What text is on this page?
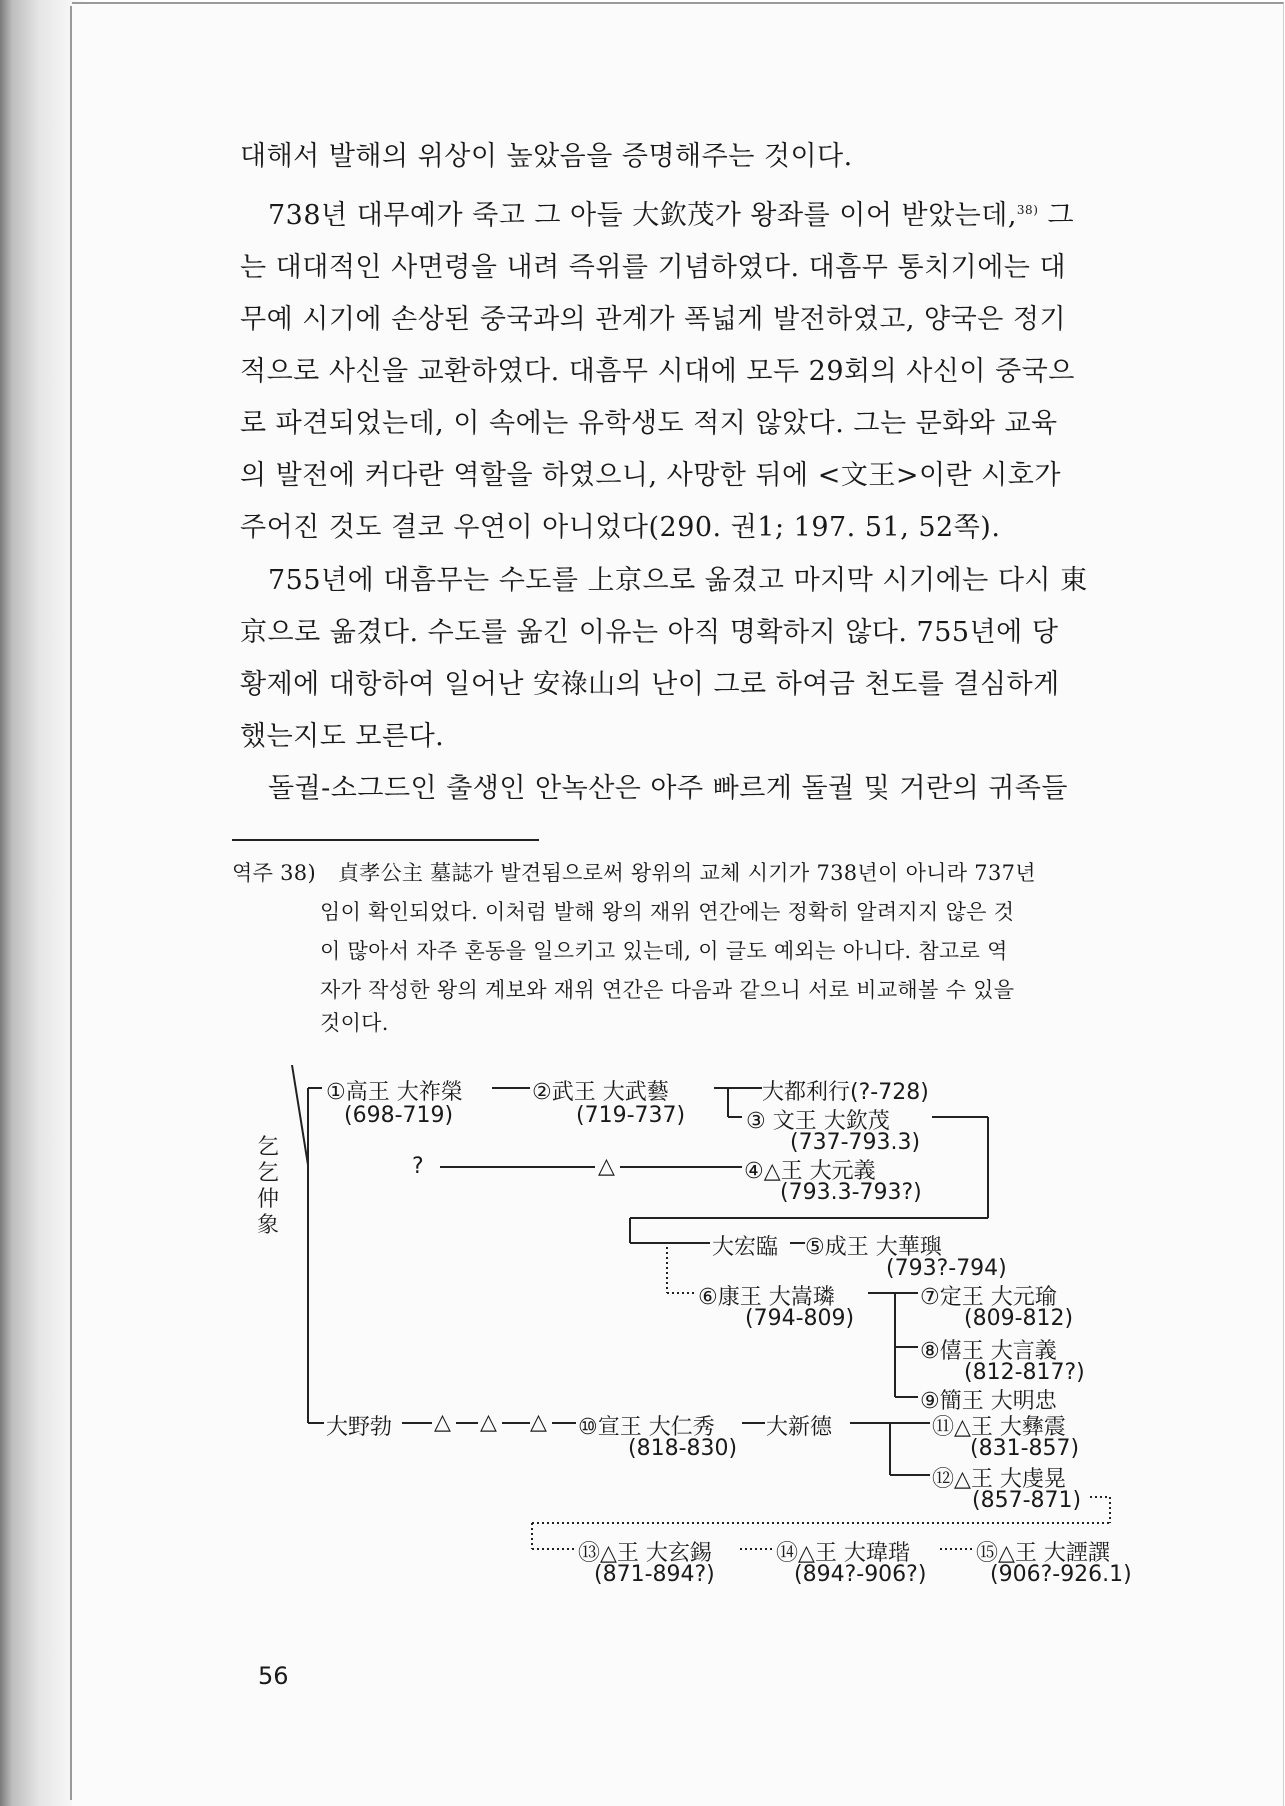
대해서 발해의 위상이 높았음을 증명해주는 것이다.
738년 대무예가 죽고 그 아들 大欽茂가 왕좌를 이어 받았는데,$^{38)}$ 그
는 대대적인 사면령을 내려 즉위를 기념하였다. 대흠무 통치기에는 대
무예 시기에 손상된 중국과의 관계가 폭넓게 발전하였고, 양국은 정기
적으로 사신을 교환하였다. 대흠무 시대에 모두 29회의 사신이 중국으
로 파견되었는데, 이 속에는 유학생도 적지 않았다. 그는 문화와 교육
의 발전에 커다란 역할을 하였으니, 사망한 뒤에 <文王>이란 시호가
주어진 것도 결코 우연이 아니었다(290. 권1; 197. 51, 52쪽).
755년에 대흠무는 수도를 上京으로 옮겼고 마지막 시기에는 다시 東
京으로 옮겼다. 수도를 옮긴 이유는 아직 명확하지 않다. 755년에 당
황제에 대항하여 일어난 安祿山의 난이 그로 하여금 천도를 결심하게
했는지도 모른다.
돌궐-소그드인 출생인 안녹산은 아주 빠르게 돌궐 및 거란의 귀족들
역주 38) 貞孝公主 墓誌가 발견됨으로써 왕위의 교체 시기가 738년이 아니라 737년
임이 확인되었다. 이처럼 발해 왕의 재위 연간에는 정확히 알려지지 않은 것
이 많아서 자주 혼동을 일으키고 있는데, 이 글도 예외는 아니다. 참고로 역
자가 작성한 왕의 계보와 재위 연간은 다음과 같으니 서로 비교해볼 수 있을
것이다.
乞
乞
仲
象
①高王 大祚榮
(698-719)
②武王 大武藝
(719-737)
大都利行(?-728)
③ 文王 大欽茂
(737-793.3)
?	△	④△王 大元義
(793.3-793?)
大宏臨 ⑤成王 大華璵
(793?-794)
⑥康王 大嵩璘
(794-809)
⑦定王 大元瑜
(809-812)
⑧僖王 大言義
(812-817?)
⑨簡王 大明忠
大野勃 △ △ △ ⑩宣王 大仁秀
(818-830)
大新德	⑪△王 大彝震
(831-857)
⑫△王 大虔晃
(857-871)
⑬△王 大玄錫
(871-894?)
⑭△王 大瑋瑎
(894?-906?)
⑮△王 大諲譔
(906?-926.1)
56
